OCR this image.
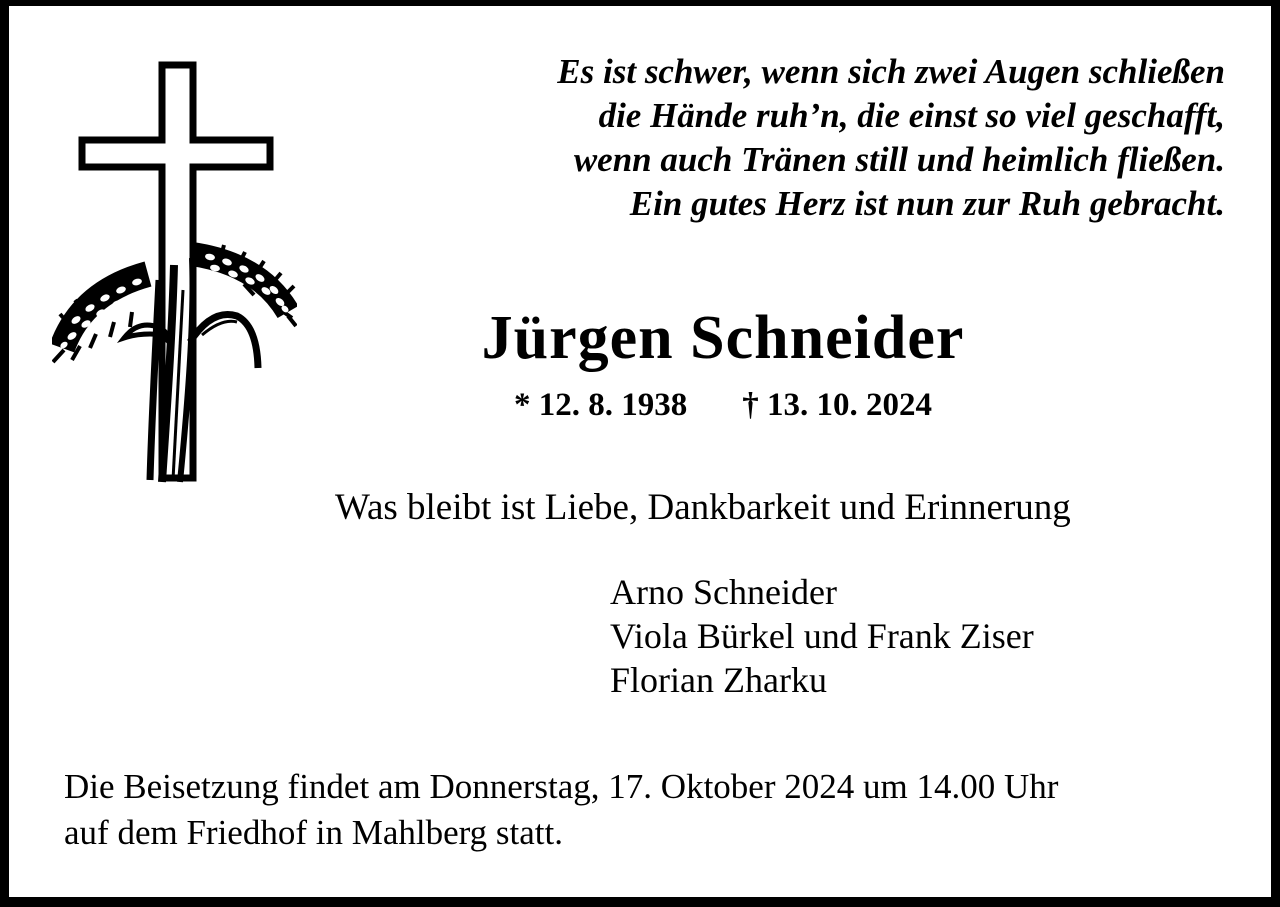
Es ist schwer, wenn sich zwei Augen schließen
die Hände ruh’n, die einst so viel geschafft,
wenn auch Tränen still und heimlich fließen.
Ein gutes Herz ist nun zur Ruh gebracht.
Jürgen Schneider
* 12. 8. 1938 † 13. 10. 2024
Was bleibt ist Liebe, Dankbarkeit und Erinnerung
Arno Schneider
Viola Bürkel und Frank Ziser
Florian Zharku
Die Beisetzung findet am Donnerstag, 17. Oktober 2024 um 14.00 Uhr
auf dem Friedhof in Mahlberg statt.
